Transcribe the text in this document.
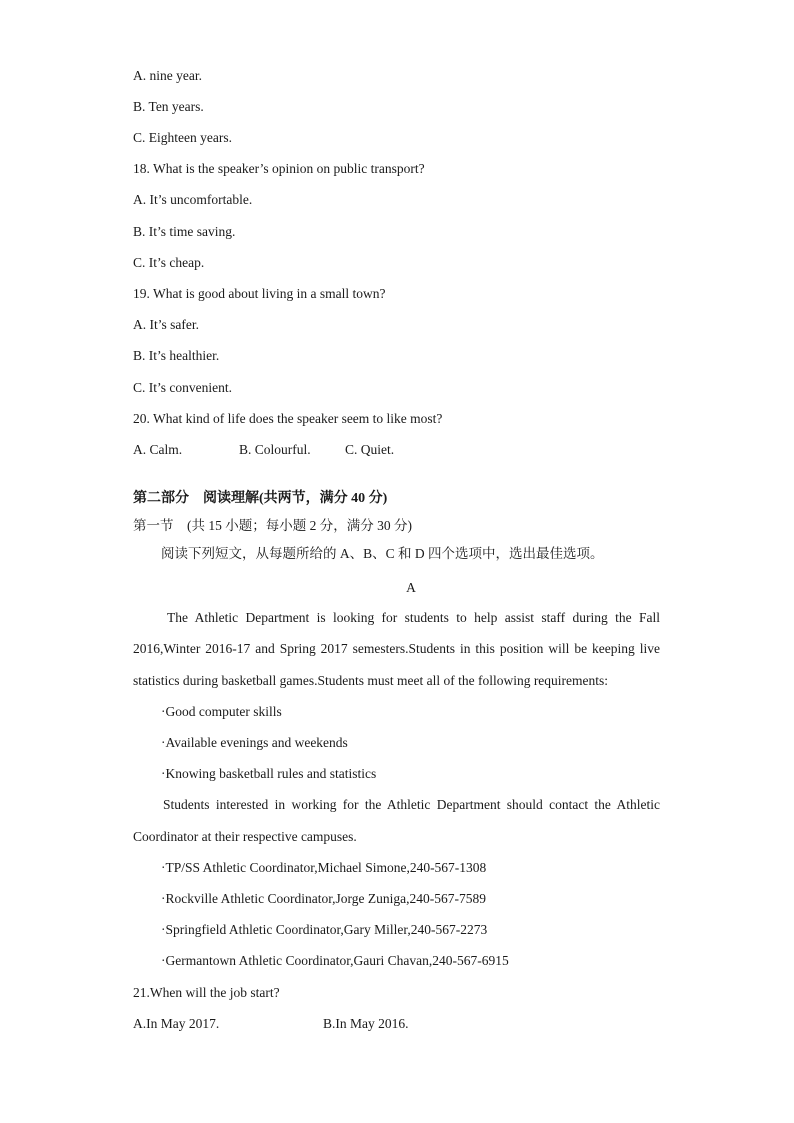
A. nine year.
B. Ten years.
C. Eighteen years.
18. What is the speaker’s opinion on public transport?
A. It’s uncomfortable.
B. It’s time saving.
C. It’s cheap.
19. What is good about living in a small town?
A. It’s safer.
B. It’s healthier.
C. It’s convenient.
20. What kind of life does the speaker seem to like most?
A. Calm.	B. Colourful.	C. Quiet.
第二部分　阅读理解(共两节，满分 40 分)
第一节　(共 15 小题；每小题 2 分，满分 30 分)
阅读下列短文，从每题所给的 A、B、C 和 D 四个选项中，选出最佳选项。
A
The Athletic Department is looking for students to help assist staff during the Fall
2016,Winter 2016-17 and Spring 2017 semesters.Students in this position will be keeping live
statistics during basketball games.Students must meet all of the following requirements:
·Good computer skills
·Available evenings and weekends
·Knowing basketball rules and statistics
Students interested in working for the Athletic Department should contact the Athletic
Coordinator at their respective campuses.
·TP/SS Athletic Coordinator,Michael Simone,240-567-1308
·Rockville Athletic Coordinator,Jorge Zuniga,240-567-7589
·Springfield Athletic Coordinator,Gary Miller,240-567-2273
·Germantown Athletic Coordinator,Gauri Chavan,240-567-6915
21.When will the job start?
A.In May 2017.	B.In May 2016.
